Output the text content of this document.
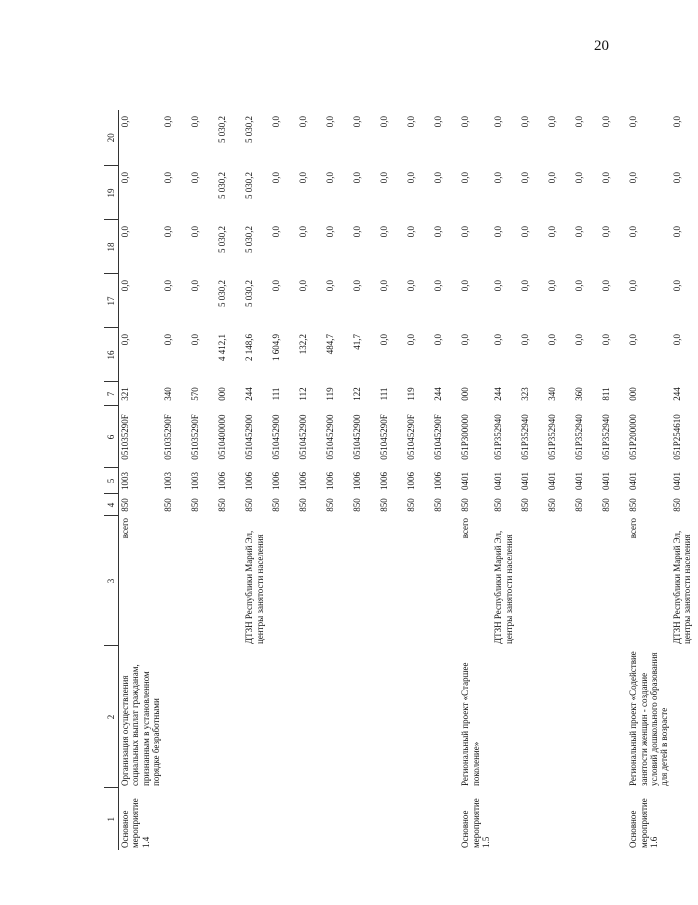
20
1	2	3	4	5	6	7	16	17	18	19	20
Основное мероприятие 1.4	Организация осуществления социальных выплат гражданам, признанным в установленном порядке безработными	всего	850	1003	051035290F	321	0,0	0,0	0,0	0,0	0,0
			850	1003	051035290F	340	0,0	0,0	0,0	0,0	0,0
			850	1003	051035290F	570	0,0	0,0	0,0	0,0	0,0
			850	1006	0510400000	000	4 412,1	5 030,2	5 030,2	5 030,2	5 030,2
		ДТЗН Республики Марий Эл, центры занятости населения	850	1006	0510452900	244	2 148,6	5 030,2	5 030,2	5 030,2	5 030,2
			850	1006	0510452900	111	1 604,9	0,0	0,0	0,0	0,0
			850	1006	0510452900	112	132,2	0,0	0,0	0,0	0,0
			850	1006	0510452900	119	484,7	0,0	0,0	0,0	0,0
			850	1006	0510452900	122	41,7	0,0	0,0	0,0	0,0
			850	1006	051045290F	111	0,0	0,0	0,0	0,0	0,0
			850	1006	051045290F	119	0,0	0,0	0,0	0,0	0,0
			850	1006	051045290F	244	0,0	0,0	0,0	0,0	0,0
Основное мероприятие 1.5	Региональный проект «Старшее поколение»	всего	850	0401	051P300000	000	0,0	0,0	0,0	0,0	0,0
		ДТЗН Республики Марий Эл, центры занятости населения	850	0401	051P352940	244	0,0	0,0	0,0	0,0	0,0
			850	0401	051P352940	323	0,0	0,0	0,0	0,0	0,0
			850	0401	051P352940	340	0,0	0,0	0,0	0,0	0,0
			850	0401	051P352940	360	0,0	0,0	0,0	0,0	0,0
			850	0401	051P352940	811	0,0	0,0	0,0	0,0	0,0
Основное мероприятие 1.6	Региональный проект «Содействие занятости женщин - создание условий дошкольного образования для детей в возрасте	всего	850	0401	051P200000	000	0,0	0,0	0,0	0,0	0,0
		ДТЗН Республики Марий Эл, центры занятости населения	850	0401	051P254610	244	0,0	0,0	0,0	0,0	0,0
